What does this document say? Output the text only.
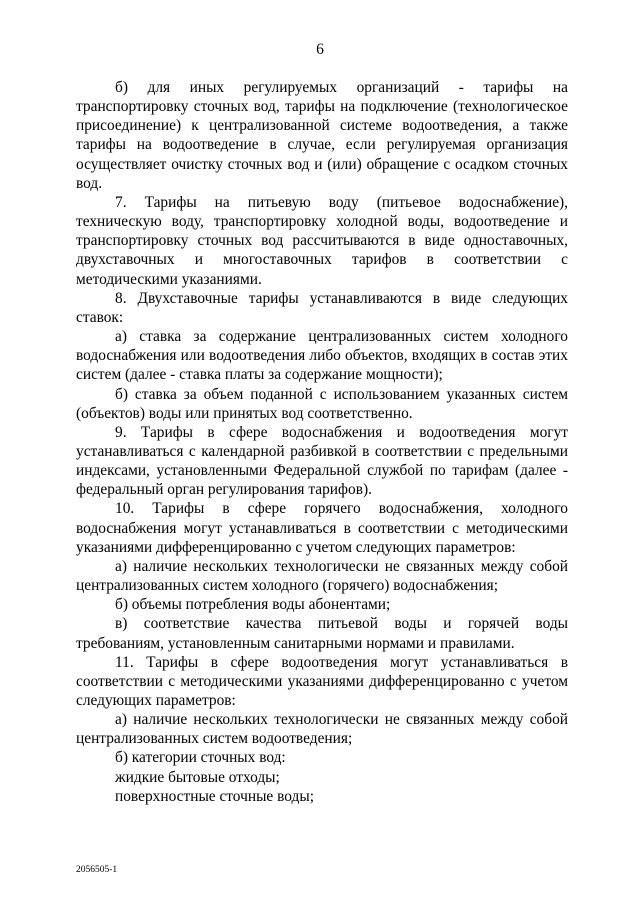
6

б) для иных регулируемых организаций - тарифы на транспортировку сточных вод, тарифы на подключение (технологическое присоединение) к централизованной системе водоотведения, а также тарифы на водоотведение в случае, если регулируемая организация осуществляет очистку сточных вод и (или) обращение с осадком сточных вод.

7. Тарифы на питьевую воду (питьевое водоснабжение), техническую воду, транспортировку холодной воды, водоотведение и транспортировку сточных вод рассчитываются в виде одноставочных, двухставочных и многоставочных тарифов в соответствии с методическими указаниями.

8. Двухставочные тарифы устанавливаются в виде следующих ставок:

а) ставка за содержание централизованных систем холодного водоснабжения или водоотведения либо объектов, входящих в состав этих систем (далее - ставка платы за содержание мощности);

б) ставка за объем поданной с использованием указанных систем (объектов) воды или принятых вод соответственно.

9. Тарифы в сфере водоснабжения и водоотведения могут устанавливаться с календарной разбивкой в соответствии с предельными индексами, установленными Федеральной службой по тарифам (далее - федеральный орган регулирования тарифов).

10. Тарифы в сфере горячего водоснабжения, холодного водоснабжения могут устанавливаться в соответствии с методическими указаниями дифференцированно с учетом следующих параметров:

а) наличие нескольких технологически не связанных между собой централизованных систем холодного (горячего) водоснабжения;

б) объемы потребления воды абонентами;

в) соответствие качества питьевой воды и горячей воды требованиям, установленным санитарными нормами и правилами.

11. Тарифы в сфере водоотведения могут устанавливаться в соответствии с методическими указаниями дифференцированно с учетом следующих параметров:

а) наличие нескольких технологически не связанных между собой централизованных систем водоотведения;

б) категории сточных вод:

жидкие бытовые отходы;

поверхностные сточные воды;

2056505-1
